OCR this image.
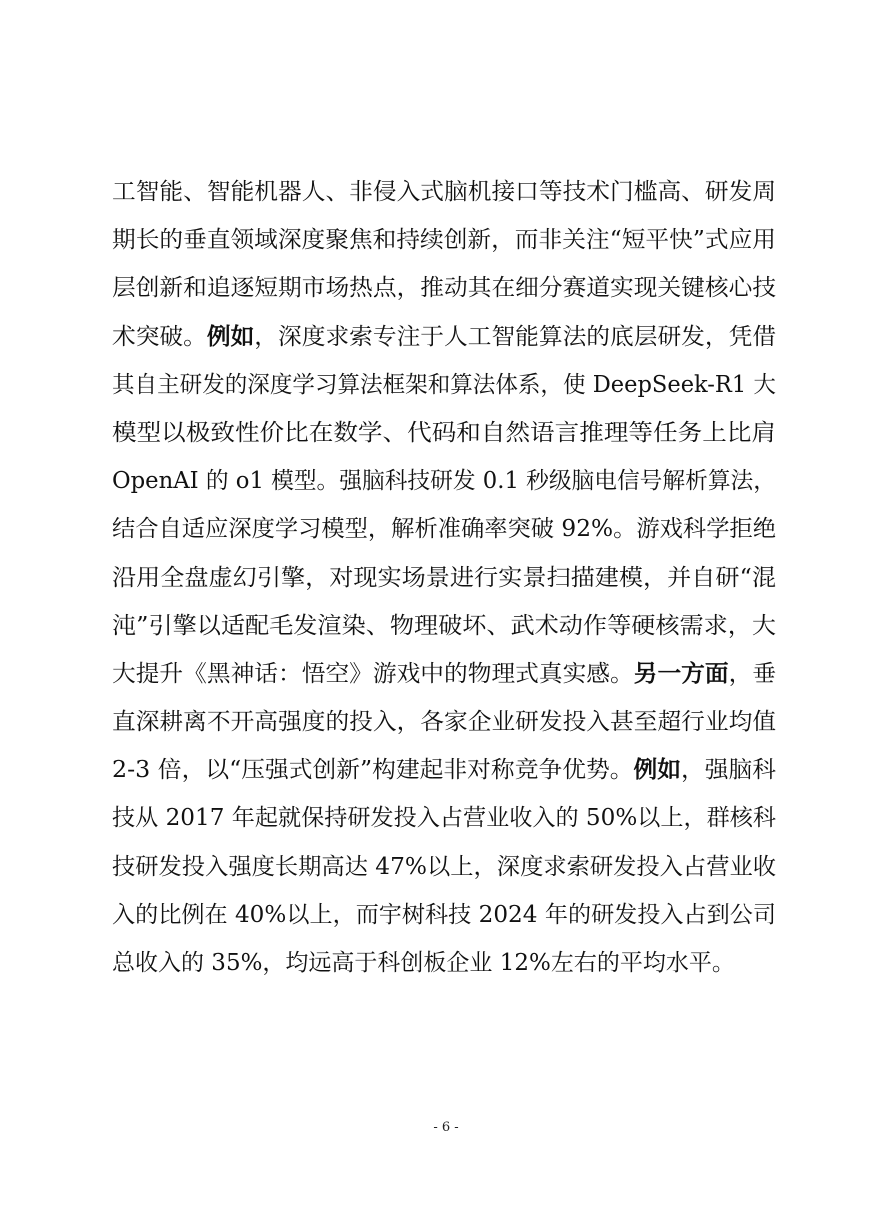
工智能、智能机器人、非侵入式脑机接口等技术门槛高、研发周
期长的垂直领域深度聚焦和持续创新，而非关注“短平快”式应用
层创新和追逐短期市场热点，推动其在细分赛道实现关键核心技
术突破。例如，深度求索专注于人工智能算法的底层研发，凭借
其自主研发的深度学习算法框架和算法体系，使 DeepSeek-R1 大
模型以极致性价比在数学、代码和自然语言推理等任务上比肩
OpenAI 的 o1 模型。强脑科技研发 0.1 秒级脑电信号解析算法，
结合自适应深度学习模型，解析准确率突破 92%。游戏科学拒绝
沿用全盘虚幻引擎，对现实场景进行实景扫描建模，并自研“混
沌”引擎以适配毛发渲染、物理破坏、武术动作等硬核需求，大
大提升《黑神话：悟空》游戏中的物理式真实感。另一方面，垂
直深耕离不开高强度的投入，各家企业研发投入甚至超行业均值
2-3 倍，以“压强式创新”构建起非对称竞争优势。例如，强脑科
技从 2017 年起就保持研发投入占营业收入的 50%以上，群核科
技研发投入强度长期高达 47%以上，深度求索研发投入占营业收
入的比例在 40%以上，而宇树科技 2024 年的研发投入占到公司
总收入的 35%，均远高于科创板企业 12%左右的平均水平。
- 6 -
